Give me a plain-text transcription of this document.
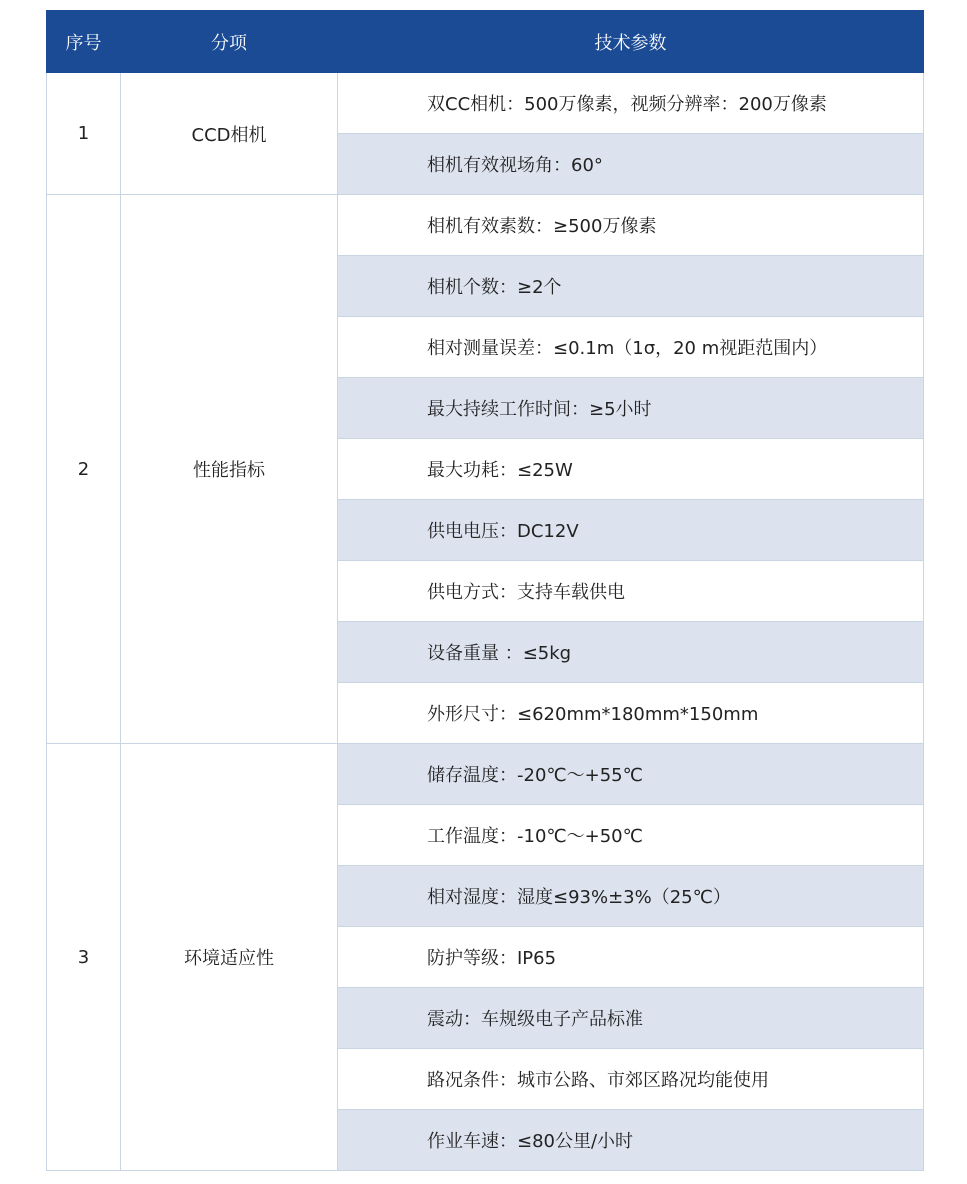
序号	分项	技术参数
1	CCD相机	双CC相机：500万像素，视频分辨率：200万像素
		相机有效视场角：60°
2	性能指标	相机有效素数：≥500万像素
		相机个数：≥2个
		相对测量误差：≤0.1m（1σ，20 m视距范围内）
		最大持续工作时间：≥5小时
		最大功耗：≤25W
		供电电压：DC12V
		供电方式：支持车载供电
		设备重量 ：≤5kg
		外形尺寸：≤620mm*180mm*150mm
3	环境适应性	储存温度：-20℃～+55℃
		工作温度：-10℃～+50℃
		相对湿度：湿度≤93%±3%（25℃）
		防护等级：IP65
		震动：车规级电子产品标准
		路况条件：城市公路、市郊区路况均能使用
		作业车速：≤80公里/小时
